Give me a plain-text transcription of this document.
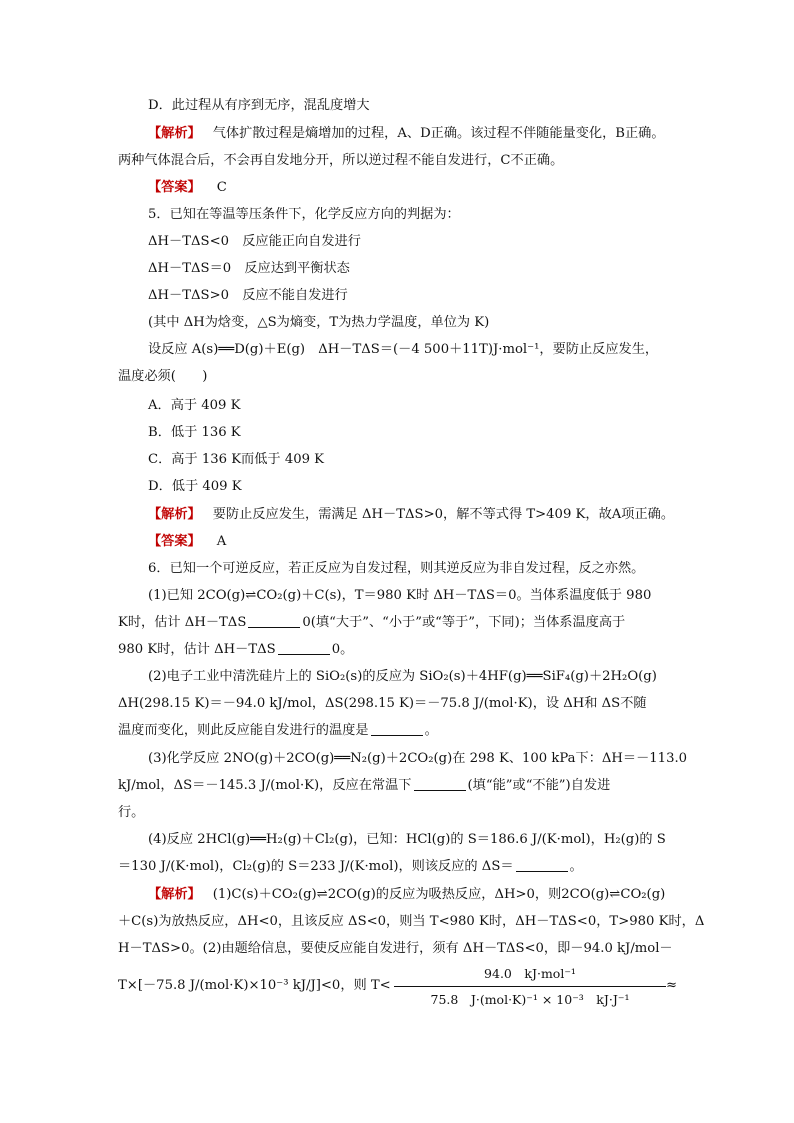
D．此过程从有序到无序，混乱度增大
【解析】 气体扩散过程是熵增加的过程，A、D正确。该过程不伴随能量变化，B正确。
两种气体混合后，不会再自发地分开，所以逆过程不能自发进行，C不正确。
【答案】 C
5．已知在等温等压条件下，化学反应方向的判据为：
ΔH－TΔS<0　反应能正向自发进行
ΔH－TΔS＝0　反应达到平衡状态
ΔH－TΔS>0　反应不能自发进行
(其中 ΔH为焓变，△S为熵变，T为热力学温度，单位为 K)
设反应 A(s)══D(g)＋E(g)　ΔH－TΔS＝(－4 500＋11T)J·mol⁻¹，要防止反应发生，
温度必须(　　)
A．高于 409 K
B．低于 136 K
C．高于 136 K而低于 409 K
D．低于 409 K
【解析】 要防止反应发生，需满足 ΔH－TΔS>0，解不等式得 T>409 K，故A项正确。
【答案】 A
6．已知一个可逆反应，若正反应为自发过程，则其逆反应为非自发过程，反之亦然。
(1)已知 2CO(g)⇌CO₂(g)＋C(s)，T＝980 K时 ΔH－TΔS＝0。当体系温度低于 980
K时，估计 ΔH－TΔS	0(填“大于”、“小于”或“等于”，下同)；当体系温度高于
980 K时，估计 ΔH－TΔS	0。
(2)电子工业中清洗硅片上的 SiO₂(s)的反应为 SiO₂(s)＋4HF(g)══SiF₄(g)＋2H₂O(g)
ΔH(298.15 K)＝－94.0 kJ/mol，ΔS(298.15 K)＝－75.8 J/(mol·K)，设 ΔH和 ΔS不随
温度而变化，则此反应能自发进行的温度是	。
(3)化学反应 2NO(g)＋2CO(g)══N₂(g)＋2CO₂(g)在 298 K、100 kPa下：ΔH＝－113.0
kJ/mol，ΔS＝－145.3 J/(mol·K)，反应在常温下	(填“能”或“不能”)自发进
行。
(4)反应 2HCl(g)══H₂(g)＋Cl₂(g)，已知：HCl(g)的 S＝186.6 J/(K·mol)，H₂(g)的 S
＝130 J/(K·mol)，Cl₂(g)的 S＝233 J/(K·mol)，则该反应的 ΔS＝	。
【解析】 (1)C(s)＋CO₂(g)⇌2CO(g)的反应为吸热反应，ΔH>0，则2CO(g)⇌CO₂(g)
＋C(s)为放热反应，ΔH<0，且该反应 ΔS<0，则当 T<980 K时，ΔH－TΔS<0，T>980 K时，Δ
H－TΔS>0。(2)由题给信息，要使反应能自发进行，须有 ΔH－TΔS<0，即－94.0 kJ/mol－
T×[－75.8 J/(mol·K)×10⁻³ kJ/J]<0，则 T<
94.0　kJ·mol⁻¹
75.8　J·(mol·K)⁻¹ × 10⁻³　kJ·J⁻¹
≈
